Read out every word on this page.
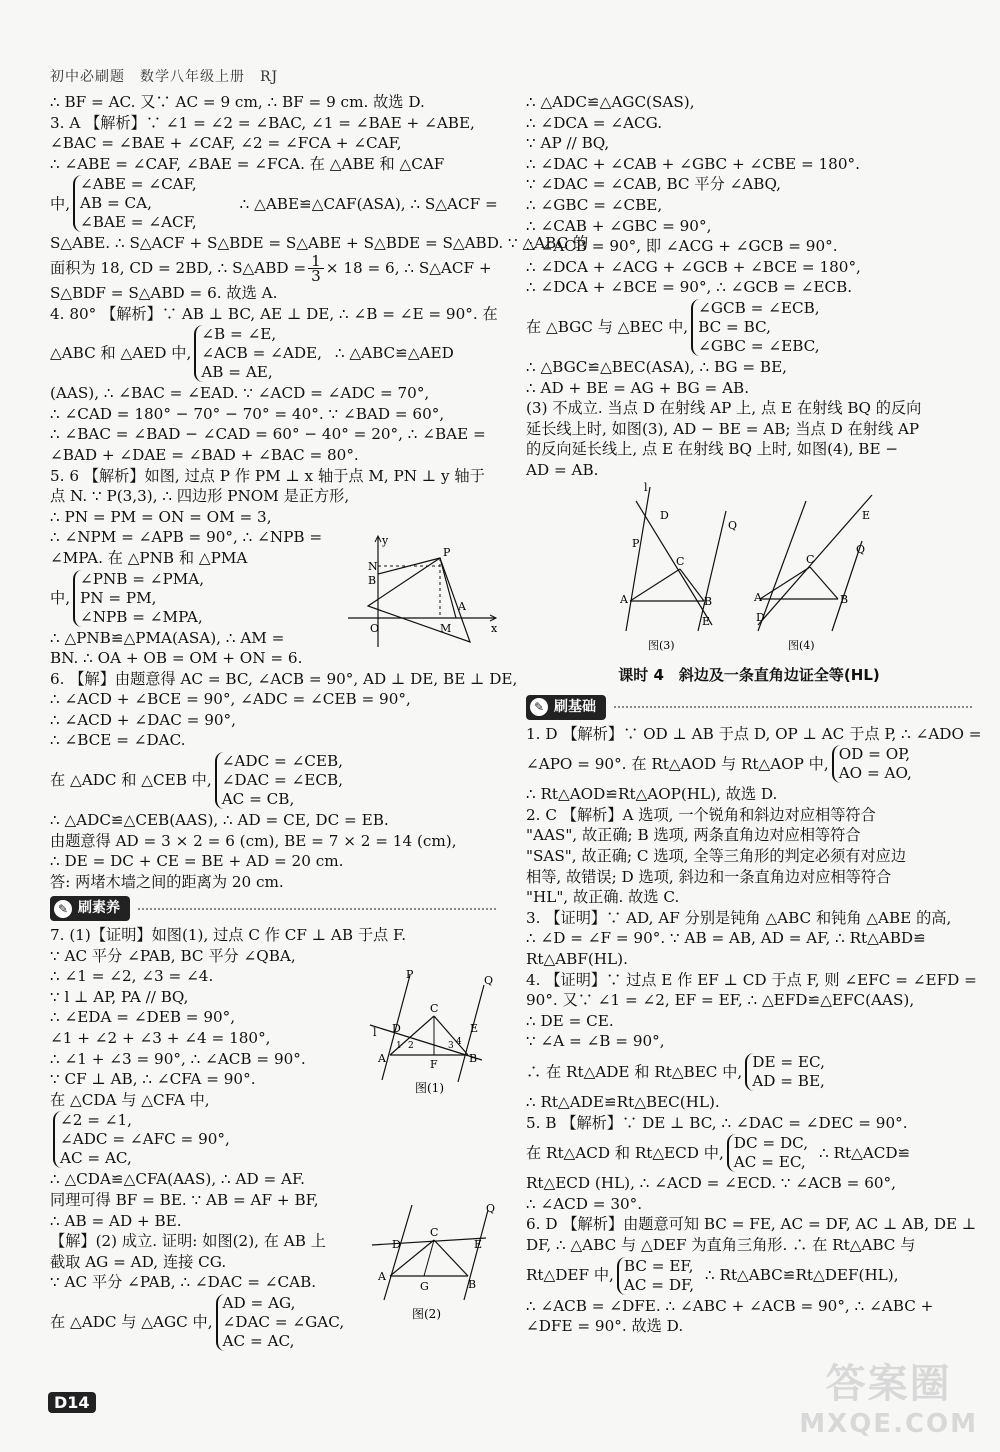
初中必刷题　数学八年级上册　RJ
∴ BF = AC. 又∵ AC = 9 cm, ∴ BF = 9 cm. 故选 D.
3. A 【解析】∵ ∠1 = ∠2 = ∠BAC, ∠1 = ∠BAE + ∠ABE,
∠BAC = ∠BAE + ∠CAF, ∠2 = ∠FCA + ∠CAF,
∴ ∠ABE = ∠CAF, ∠BAE = ∠FCA. 在 △ABE 和 △CAF
中,
∠ABE = ∠CAF,
AB = CA,
∠BAE = ∠ACF,
∴ △ABE≌△CAF(ASA), ∴ S△ACF =
S△ABE. ∴ S△ACF + S△BDE = S△ABE + S△BDE = S△ABD. ∵ △ABC 的
面积为 18, CD = 2BD, ∴ S△ABD = $\frac{1}{3} \times 18 = 6$, ∴ S△ACF +
S△BDF = S△ABD = 6. 故选 A.
4. 80° 【解析】∵ AB ⊥ BC, AE ⊥ DE, ∴ ∠B = ∠E = 90°. 在
△ABC 和 △AED 中,
∠B = ∠E,
∠ACB = ∠ADE,
AB = AE,
∴ △ABC≌△AED
(AAS), ∴ ∠BAC = ∠EAD. ∵ ∠ACD = ∠ADC = 70°,
∴ ∠CAD = 180° − 70° − 70° = 40°. ∵ ∠BAD = 60°,
∴ ∠BAC = ∠BAD − ∠CAD = 60° − 40° = 20°, ∴ ∠BAE =
∠BAD + ∠DAE = ∠BAD + ∠BAC = 80°.
5. 6 【解析】如图, 过点 P 作 PM ⊥ x 轴于点 M, PN ⊥ y 轴于
点 N. ∵ P(3,3), ∴ 四边形 PNOM 是正方形,
∴ PN = PM = ON = OM = 3,
∴ ∠NPM = ∠APB = 90°, ∴ ∠NPB =
∠MPA. 在 △PNB 和 △PMA
中,
∠PNB = ∠PMA,
PN = PM,
∠NPB = ∠MPA,
∴ △PNB≌△PMA(ASA), ∴ AM =
BN. ∴ OA + OB = OM + ON = 6.
6. 【解】由题意得 AC = BC, ∠ACB = 90°, AD ⊥ DE, BE ⊥ DE,
∴ ∠ACD + ∠BCE = 90°, ∠ADC = ∠CEB = 90°,
∴ ∠ACD + ∠DAC = 90°,
∴ ∠BCE = ∠DAC.
在 △ADC 和 △CEB 中,
∠ADC = ∠CEB,
∠DAC = ∠ECB,
AC = CB,
∴ △ADC≌△CEB(AAS), ∴ AD = CE, DC = EB.
由题意得 AD = 3 × 2 = 6 (cm), BE = 7 × 2 = 14 (cm),
∴ DE = DC + CE = BE + AD = 20 cm.
答: 两堵木墙之间的距离为 20 cm.
✎ 刷素养
7. (1)【证明】如图(1), 过点 C 作 CF ⊥ AB 于点 F.
∵ AC 平分 ∠PAB, BC 平分 ∠QBA,
∴ ∠1 = ∠2, ∠3 = ∠4.
∵ l ⊥ AP, PA // BQ,
∴ ∠EDA = ∠DEB = 90°,
∠1 + ∠2 + ∠3 + ∠4 = 180°,
∴ ∠1 + ∠3 = 90°, ∴ ∠ACB = 90°.
∵ CF ⊥ AB, ∴ ∠CFA = 90°.
在 △CDA 与 △CFA 中,
∠2 = ∠1,
∠ADC = ∠AFC = 90°,
AC = AC,
∴ △CDA≌△CFA(AAS), ∴ AD = AF.
同理可得 BF = BE. ∵ AB = AF + BF,
∴ AB = AD + BE.
【解】(2) 成立. 证明: 如图(2), 在 AB 上
截取 AG = AD, 连接 CG.
∵ AC 平分 ∠PAB, ∴ ∠DAC = ∠CAB.
在 △ADC 与 △AGC 中,
AD = AG,
∠DAC = ∠GAC,
AC = AC,
y
x
P
N
B
A
M
O
P	Q
l D
C
E
A	B
F
1 2	3 4
图(1)
Q
D
C
E
A
B
G
图(2)
∴ △ADC≌△AGC(SAS),
∴ ∠DCA = ∠ACG.
∵ AP // BQ,
∴ ∠DAC + ∠CAB + ∠GBC + ∠CBE = 180°.
∵ ∠DAC = ∠CAB, BC 平分 ∠ABQ,
∴ ∠GBC = ∠CBE,
∴ ∠CAB + ∠GBC = 90°,
∴ ∠ACB = 90°, 即 ∠ACG + ∠GCB = 90°.
∴ ∠DCA + ∠ACG + ∠GCB + ∠BCE = 180°,
∴ ∠DCA + ∠BCE = 90°, ∴ ∠GCB = ∠ECB.
在 △BGC 与 △BEC 中,
∠GCB = ∠ECB,
BC = BC,
∠GBC = ∠EBC,
∴ △BGC≌△BEC(ASA), ∴ BG = BE,
∴ AD + BE = AG + BG = AB.
(3) 不成立. 当点 D 在射线 AP 上, 点 E 在射线 BQ 的反向
延长线上时, 如图(3), AD − BE = AB; 当点 D 在射线 AP
的反向延长线上, 点 E 在射线 BQ 上时, 如图(4), BE −
AD = AB.
l
D
P
Q
C
A	B
E
图(3)
E
Q
C
A	B
D
图(4)
课时 4　斜边及一条直角边证全等(HL)
✎ 刷基础
1. D 【解析】∵ OD ⊥ AB 于点 D, OP ⊥ AC 于点 P, ∴ ∠ADO =
∠APO = 90°. 在 Rt△AOD 与 Rt△AOP 中,
OD = OP,
AO = AO,
∴ Rt△AOD≌Rt△AOP(HL), 故选 D.
2. C 【解析】A 选项, 一个锐角和斜边对应相等符合
"AAS", 故正确; B 选项, 两条直角边对应相等符合
"SAS", 故正确; C 选项, 全等三角形的判定必须有对应边
相等, 故错误; D 选项, 斜边和一条直角边对应相等符合
"HL", 故正确. 故选 C.
3. 【证明】∵ AD, AF 分别是钝角 △ABC 和钝角 △ABE 的高,
∴ ∠D = ∠F = 90°. ∵ AB = AB, AD = AF, ∴ Rt△ABD≌
Rt△ABF(HL).
4. 【证明】∵ 过点 E 作 EF ⊥ CD 于点 F, 则 ∠EFC = ∠EFD =
90°. 又∵ ∠1 = ∠2, EF = EF, ∴ △EFD≌△EFC(AAS),
∴ DE = CE.
∵ ∠A = ∠B = 90°,
∴ 在 Rt△ADE 和 Rt△BEC 中,
DE = EC,
AD = BE,
∴ Rt△ADE≌Rt△BEC(HL).
5. B 【解析】∵ DE ⊥ BC, ∴ ∠DAC = ∠DEC = 90°.
在 Rt△ACD 和 Rt△ECD 中,
DC = DC,
AC = EC,
∴ Rt△ACD≌
Rt△ECD (HL), ∴ ∠ACD = ∠ECD. ∵ ∠ACB = 60°,
∴ ∠ACD = 30°.
6. D 【解析】由题意可知 BC = FE, AC = DF, AC ⊥ AB, DE ⊥
DF, ∴ △ABC 与 △DEF 为直角三角形. ∴ 在 Rt△ABC 与
Rt△DEF 中,
BC = EF,
AC = DF,
∴ Rt△ABC≌Rt△DEF(HL),
∴ ∠ACB = ∠DFE. ∴ ∠ABC + ∠ACB = 90°, ∴ ∠ABC +
∠DFE = 90°. 故选 D.
D14	答案圈
MXQE.COM
